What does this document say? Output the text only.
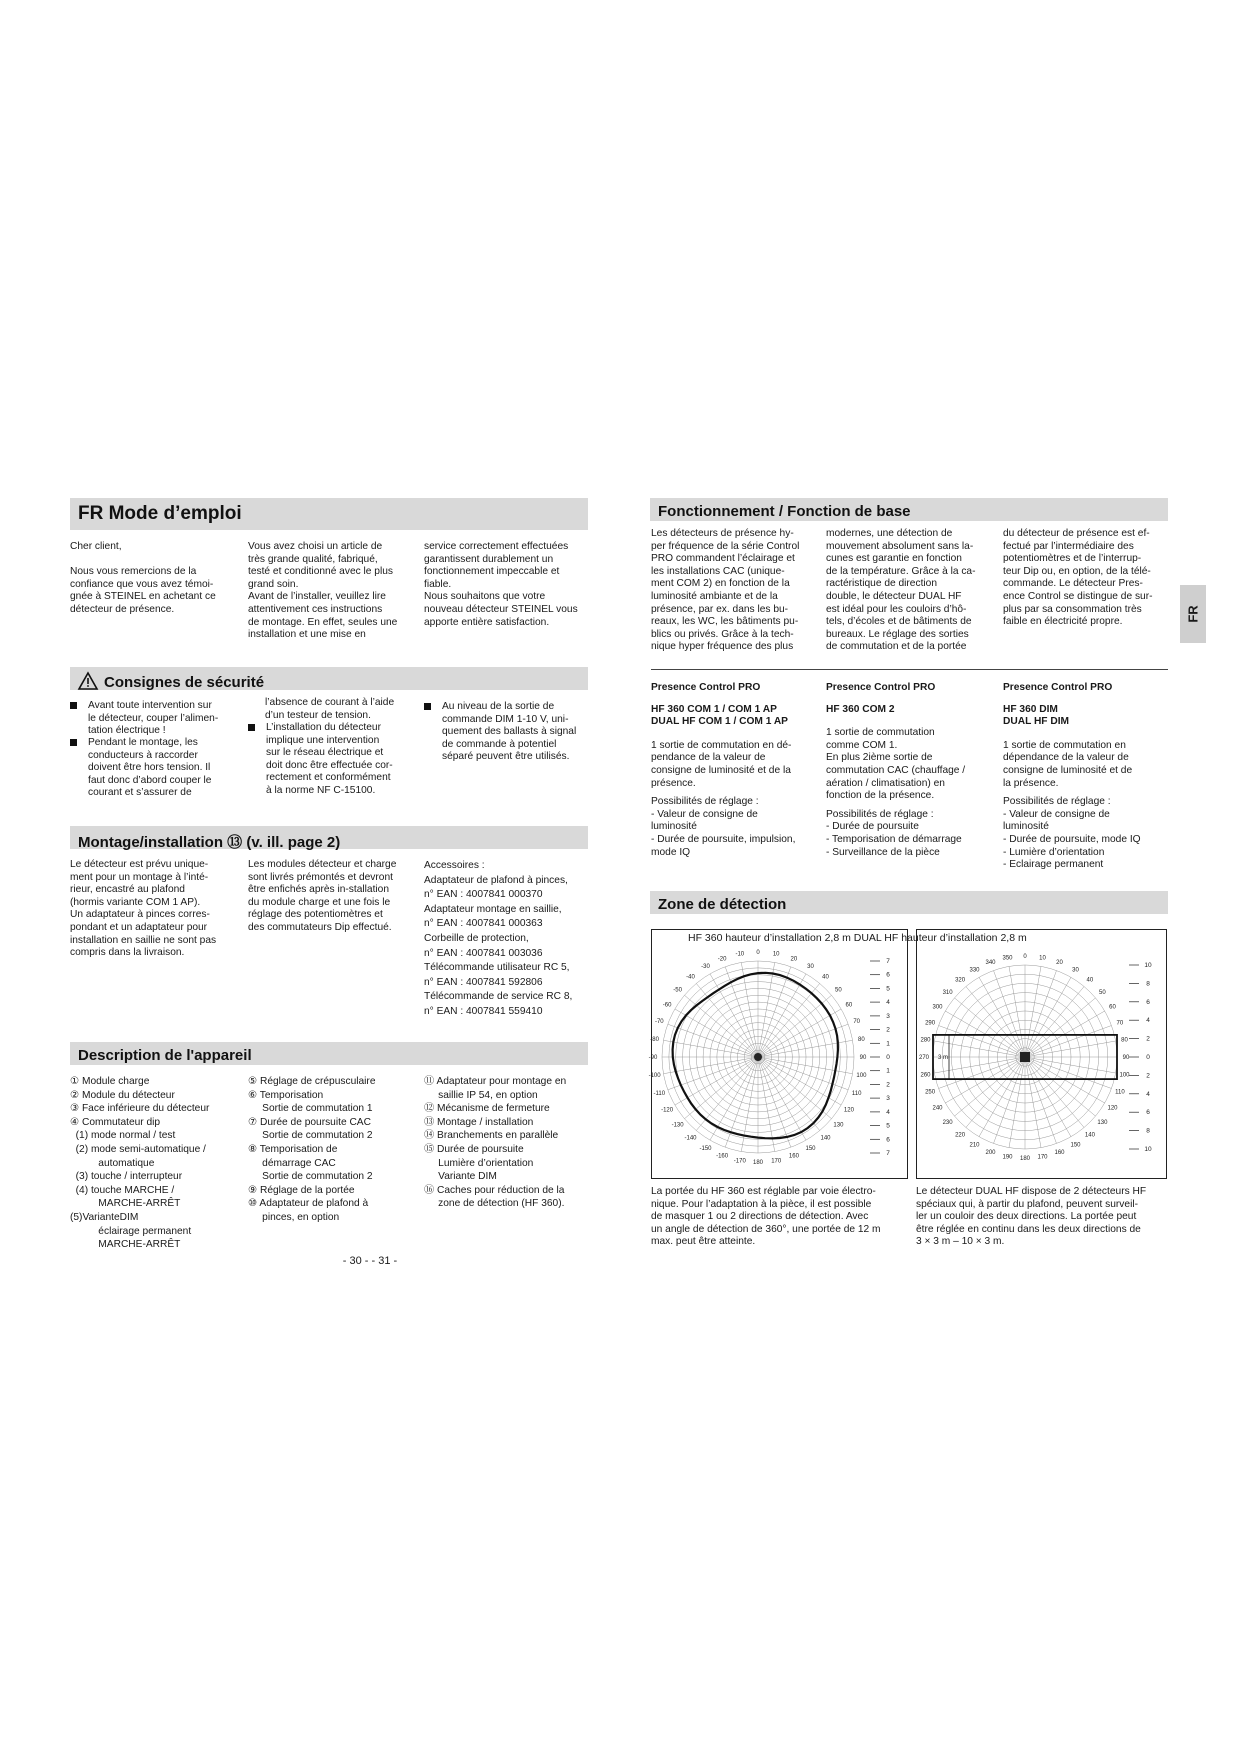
FR Mode d’emploi
Cher client,

Nous vous remercions de la
confiance que vous avez témoi-
gnée à STEINEL en achetant ce
détecteur de présence.
Vous avez choisi un article de
très grande qualité, fabriqué,
testé et conditionné avec le plus
grand soin.
Avant de l’installer, veuillez lire
attentivement ces instructions
de montage. En effet, seules une
installation et une mise en
service correctement effectuées
garantissent durablement un
fonctionnement impeccable et
fiable.
Nous souhaitons que votre
nouveau détecteur STEINEL vous
apporte entière satisfaction.
Consignes de sécurité
Avant toute intervention sur
le détecteur, couper l’alimen-
tation électrique !
Pendant le montage, les
conducteurs à raccorder
doivent être hors tension. Il
faut donc d’abord couper le
courant et s’assurer de
l’absence de courant à l’aide
d’un testeur de tension.
L’installation du détecteur
implique une intervention
sur le réseau électrique et
doit donc être effectuée cor-
rectement et conformément
à la norme NF C-15100.
Au niveau de la sortie de
commande DIM 1-10 V, uni-
quement des ballasts à signal
de commande à potentiel
séparé peuvent être utilisés.
Montage/installation ⑬ (v. ill. page 2)
Le détecteur est prévu unique-
ment pour un montage à l’inté-
rieur, encastré au plafond
(hormis variante COM 1 AP).
Un adaptateur à pinces corres-
pondant et un adaptateur pour
installation en saillie ne sont pas
compris dans la livraison.
Les modules détecteur et charge
sont livrés prémontés et devront
être enfichés après in-stallation
du module charge et une fois le
réglage des potentiomètres et
des commutateurs Dip effectué.
Accessoires :
Adaptateur de plafond à pinces,
n° EAN : 4007841 000370
Adaptateur montage en saillie,
n° EAN : 4007841 000363
Corbeille de protection,
n° EAN : 4007841 003036
Télécommande utilisateur RC 5,
n° EAN : 4007841 592806
Télécommande de service RC 8,
n° EAN : 4007841 559410
Description de l'appareil
① Module charge
② Module du détecteur
③ Face inférieure du détecteur
④ Commutateur dip
(1) mode normal / test
(2) mode semi-automatique /
automatique
(3) touche / interrupteur
(4) touche MARCHE /
MARCHE-ARRÊT
(5)VarianteDIM
éclairage permanent
MARCHE-ARRÊT
⑤ Réglage de crépusculaire
⑥ Temporisation
Sortie de commutation 1
⑦ Durée de poursuite CAC
Sortie de commutation 2
⑧ Temporisation de
démarrage CAC
Sortie de commutation 2
⑨ Réglage de la portée
⑩ Adaptateur de plafond à
pinces, en option
⑪ Adaptateur pour montage en
saillie IP 54, en option
⑫ Mécanisme de fermeture
⑬ Montage / installation
⑭ Branchements en parallèle
⑮ Durée de poursuite
Lumière d’orientation
Variante DIM
⑯ Caches pour réduction de la
zone de détection (HF 360).
- 30 - - 31 -
Fonctionnement / Fonction de base
Les détecteurs de présence hy-
per fréquence de la série Control
PRO commandent l’éclairage et
les installations CAC (unique-
ment COM 2) en fonction de la
luminosité ambiante et de la
présence, par ex. dans les bu-
reaux, les WC, les bâtiments pu-
blics ou privés. Grâce à la tech-
nique hyper fréquence des plus
modernes, une détection de
mouvement absolument sans la-
cunes est garantie en fonction
de la température. Grâce à la ca-
ractéristique de direction
double, le détecteur DUAL HF
est idéal pour les couloirs d’hô-
tels, d’écoles et de bâtiments de
bureaux. Le réglage des sorties
de commutation et de la portée
du détecteur de présence est ef-
fectué par l’intermédiaire des
potentiomètres et de l’interrup-
teur Dip ou, en option, de la télé-
commande. Le détecteur Pres-
ence Control se distingue de sur-
plus par sa consommation très
faible en électricité propre.	FR
Presence Control PRO
HF 360 COM 1 / COM 1 AP
DUAL HF COM 1 / COM 1 AP
1 sortie de commutation en dé-
pendance de la valeur de
consigne de luminosité et de la
présence.
Possibilités de réglage :
- Valeur de consigne de
luminosité
- Durée de poursuite, impulsion,
mode IQ
Presence Control PRO
HF 360 COM 2
1 sortie de commutation
comme COM 1.
En plus 2ième sortie de
commutation CAC (chauffage /
aération / climatisation) en
fonction de la présence.
Possibilités de réglage :
- Durée de poursuite
- Temporisation de démarrage
- Surveillance de la pièce
Presence Control PRO
HF 360 DIM
DUAL HF DIM
1 sortie de commutation en
dépendance de la valeur de
consigne de luminosité et de
la présence.
Possibilités de réglage :
- Valeur de consigne de
luminosité
- Durée de poursuite, mode IQ
- Lumière d’orientation
- Eclairage permanent
Zone de détection
HF 360 hauteur d’installation 2,8 m DUAL HF hauteur d’installation 2,8 m
-10 0 10
20
30
-20
-30
-40
-50
-60
-70
-80
-90
-100
-110
-120
-130
-140
-150
-160
-170 180 170
160
150
140
130
120
110
100
90
80
70
60
50
40
7
6
5
4
3
2
1
0
1
2
3
4
5
6
7
0 10
20
30
40
50
60
70
80
90
100
110
120
130
140
150
160
170
180
190
200
210
220
230
240
250
260
270
280
290
300
310
320
330
340
350
3 m
10
8
6
4
2
0
2
4
6
8
10
La portée du HF 360 est réglable par voie électro-
nique. Pour l’adaptation à la pièce, il est possible
de masquer 1 ou 2 directions de détection. Avec
un angle de détection de 360°, une portée de 12 m
max. peut être atteinte.
Le détecteur DUAL HF dispose de 2 détecteurs HF
spéciaux qui, à partir du plafond, peuvent surveil-
ler un couloir des deux directions. La portée peut
être réglée en continu dans les deux directions de
3 × 3 m – 10 × 3 m.
